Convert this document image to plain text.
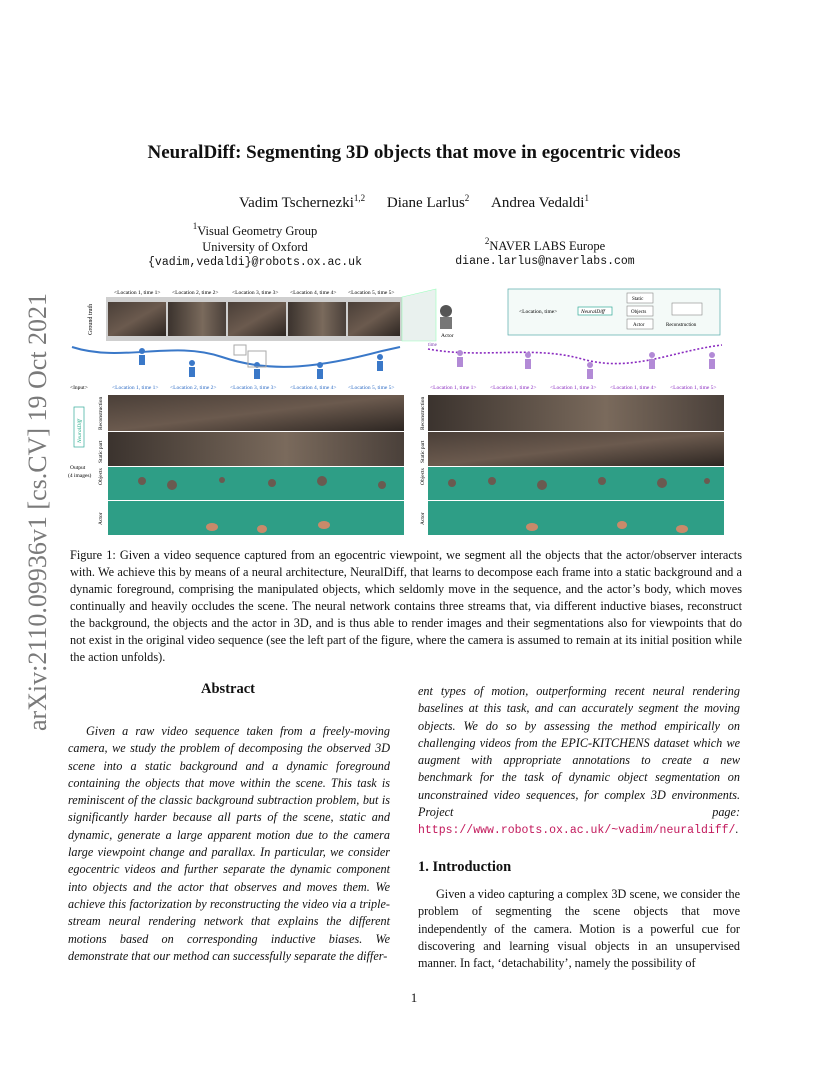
NeuralDiff: Segmenting 3D objects that move in egocentric videos
Vadim Tschernezki$^{1,2}$ Diane Larlus$^2$ Andrea Vedaldi$^1$
$^1$Visual Geometry Group
University of Oxford
{vadim,vedaldi}@robots.ox.ac.uk
$^2$NAVER LABS Europe
diane.larlus@naverlabs.com
arXiv:2110.09936v1 [cs.CV] 19 Oct 2021	Ground truth
<Location 1, time 1> <Location 2, time 2> <Location 3, time 3> <Location 4, time 4> <Location 5, time 5>
Actor
<Location, time>	NeuralDiff
Static
Objects
Actor	Reconstruction
time
<Input>	<Location 1, time 1> <Location 2, time 2> <Location 3, time 3> <Location 4, time 4> <Location 5, time 5>	<Location 1, time 1> <Location 1, time 2> <Location 1, time 3> <Location 1, time 4> <Location 1, time 5>
NeuralDiff
Output
(4 images)
Reconstruction
Static part
Objects
Actor
Reconstruction
Static part
Objects
Actor
Figure 1: Given a video sequence captured from an egocentric viewpoint, we segment all the objects that the actor/observer interacts with. We achieve this by means of a neural architecture, NeuralDiff, that learns to decompose each frame into a static background and a dynamic foreground, comprising the manipulated objects, which seldomly move in the sequence, and the actor’s body, which moves continually and heavily occludes the scene. The neural network contains three streams that, via different inductive biases, reconstruct the background, the objects and the actor in 3D, and is thus able to render images and their segmentations also for viewpoints that do not exist in the original video sequence (see the left part of the figure, where the camera is assumed to remain at its initial position while the action unfolds).
Abstract
Given a raw video sequence taken from a freely-moving camera, we study the problem of decomposing the observed 3D scene into a static background and a dynamic foreground containing the objects that move within the scene. This task is reminiscent of the classic background subtraction problem, but is significantly harder because all parts of the scene, static and dynamic, generate a large apparent motion due to the camera large viewpoint change and parallax. In particular, we consider egocentric videos and further separate the dynamic component into objects and the actor that observes and moves them. We achieve this factorization by reconstructing the video via a triple-stream neural rendering network that explains the different motions based on corresponding inductive biases. We demonstrate that our method can successfully separate the differ-
ent types of motion, outperforming recent neural rendering baselines at this task, and can accurately segment the moving objects. We do so by assessing the method empirically on challenging videos from the EPIC-KITCHENS dataset which we augment with appropriate annotations to create a new benchmark for the task of dynamic object segmentation on unconstrained video sequences, for complex 3D environments. Project page: https://www.robots.ox.ac.uk/~vadim/neuraldiff/.
1. Introduction
Given a video capturing a complex 3D scene, we consider the problem of segmenting the scene objects that move independently of the camera. Motion is a powerful cue for discovering and learning visual objects in an unsupervised manner. In fact, ‘detachability’, namely the possibility of
1
